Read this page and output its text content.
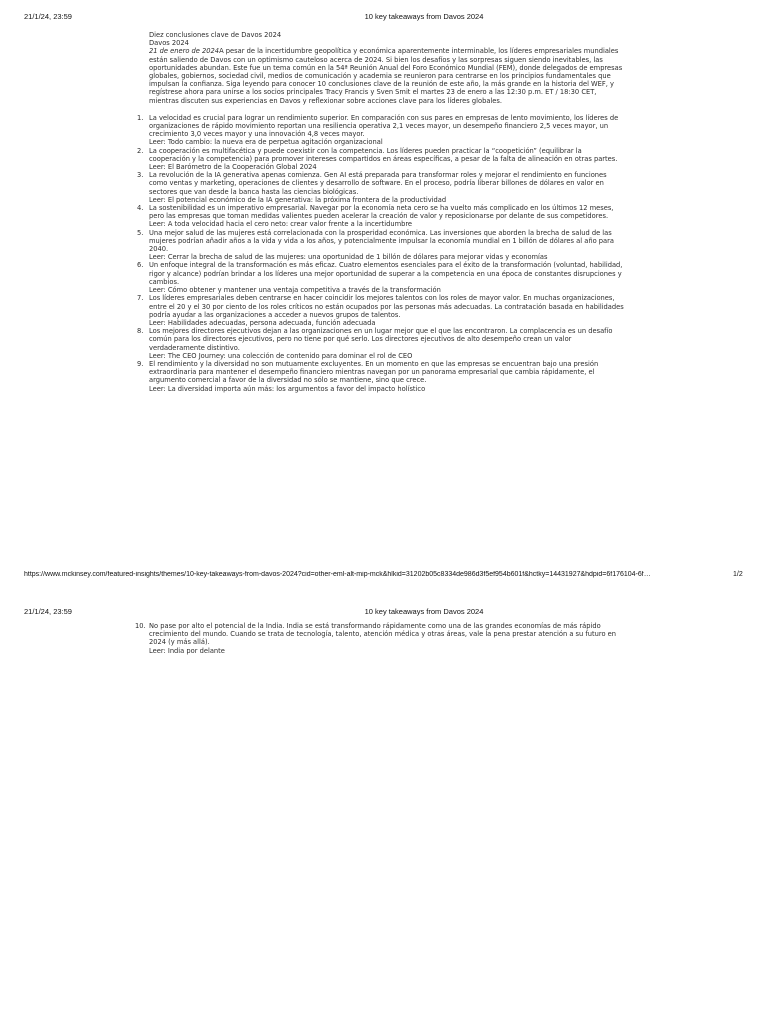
21/1/24, 23:59	10 key takeaways from Davos 2024

Diez conclusiones clave de Davos 2024

Davos 2024

21 de enero de 2024A pesar de la incertidumbre geopolítica y económica aparentemente interminable, los líderes empresariales mundiales están saliendo de Davos con un optimismo cauteloso acerca de 2024. Si bien los desafíos y las sorpresas siguen siendo inevitables, las oportunidades abundan. Este fue un tema común en la 54ª Reunión Anual del Foro Económico Mundial (FEM), donde delegados de empresas globales, gobiernos, sociedad civil, medios de comunicación y academia se reunieron para centrarse en los principios fundamentales que impulsan la confianza. Siga leyendo para conocer 10 conclusiones clave de la reunión de este año, la más grande en la historia del WEF, y regístrese ahora para unirse a los socios principales Tracy Francis y Sven Smit el martes 23 de enero a las 12:30 p.m. ET / 18:30 CET, mientras discuten sus experiencias en Davos y reflexionar sobre acciones clave para los líderes globales.

1. La velocidad es crucial para lograr un rendimiento superior. En comparación con sus pares en empresas de lento movimiento, los líderes de organizaciones de rápido movimiento reportan una resiliencia operativa 2,1 veces mayor, un desempeño financiero 2,5 veces mayor, un crecimiento 3,0 veces mayor y una innovación 4,8 veces mayor.
Leer: Todo cambio: la nueva era de perpetua agitación organizacional
2. La cooperación es multifacética y puede coexistir con la competencia. Los líderes pueden practicar la “coopetición” (equilibrar la cooperación y la competencia) para promover intereses compartidos en áreas específicas, a pesar de la falta de alineación en otras partes.
Leer: El Barómetro de la Cooperación Global 2024
3. La revolución de la IA generativa apenas comienza. Gen AI está preparada para transformar roles y mejorar el rendimiento en funciones como ventas y marketing, operaciones de clientes y desarrollo de software. En el proceso, podría liberar billones de dólares en valor en sectores que van desde la banca hasta las ciencias biológicas.
Leer: El potencial económico de la IA generativa: la próxima frontera de la productividad
4. La sostenibilidad es un imperativo empresarial. Navegar por la economía neta cero se ha vuelto más complicado en los últimos 12 meses, pero las empresas que toman medidas valientes pueden acelerar la creación de valor y reposicionarse por delante de sus competidores.
Leer: A toda velocidad hacia el cero neto: crear valor frente a la incertidumbre
5. Una mejor salud de las mujeres está correlacionada con la prosperidad económica. Las inversiones que aborden la brecha de salud de las mujeres podrían añadir años a la vida y vida a los años, y potencialmente impulsar la economía mundial en 1 billón de dólares al año para 2040.
Leer: Cerrar la brecha de salud de las mujeres: una oportunidad de 1 billón de dólares para mejorar vidas y economías
6. Un enfoque integral de la transformación es más eficaz. Cuatro elementos esenciales para el éxito de la transformación (voluntad, habilidad, rigor y alcance) podrían brindar a los líderes una mejor oportunidad de superar a la competencia en una época de constantes disrupciones y cambios.
Leer: Cómo obtener y mantener una ventaja competitiva a través de la transformación
7. Los líderes empresariales deben centrarse en hacer coincidir los mejores talentos con los roles de mayor valor. En muchas organizaciones, entre el 20 y el 30 por ciento de los roles críticos no están ocupados por las personas más adecuadas. La contratación basada en habilidades podría ayudar a las organizaciones a acceder a nuevos grupos de talentos.
Leer: Habilidades adecuadas, persona adecuada, función adecuada
8. Los mejores directores ejecutivos dejan a las organizaciones en un lugar mejor que el que las encontraron. La complacencia es un desafío común para los directores ejecutivos, pero no tiene por qué serlo. Los directores ejecutivos de alto desempeño crean un valor verdaderamente distintivo.
Leer: The CEO Journey: una colección de contenido para dominar el rol de CEO
9. El rendimiento y la diversidad no son mutuamente excluyentes. En un momento en que las empresas se encuentran bajo una presión extraordinaria para mantener el desempeño financiero mientras navegan por un panorama empresarial que cambia rápidamente, el argumento comercial a favor de la diversidad no sólo se mantiene, sino que crece.
Leer: La diversidad importa aún más: los argumentos a favor del impacto holístico
https://www.mckinsey.com/featured-insights/themes/10-key-takeaways-from-davos-2024?cid=other-eml-alt-mip-mck&hlkid=31202b05c8334de986d3f5ef954b601f&hctky=14431927&hdpid=6f176104-6f…	1/2
21/1/24, 23:59	10 key takeaways from Davos 2024
10. No pase por alto el potencial de la India. India se está transformando rápidamente como una de las grandes economías de más rápido crecimiento del mundo. Cuando se trata de tecnología, talento, atención médica y otras áreas, vale la pena prestar atención a su futuro en 2024 (y más allá).
Leer: India por delante
